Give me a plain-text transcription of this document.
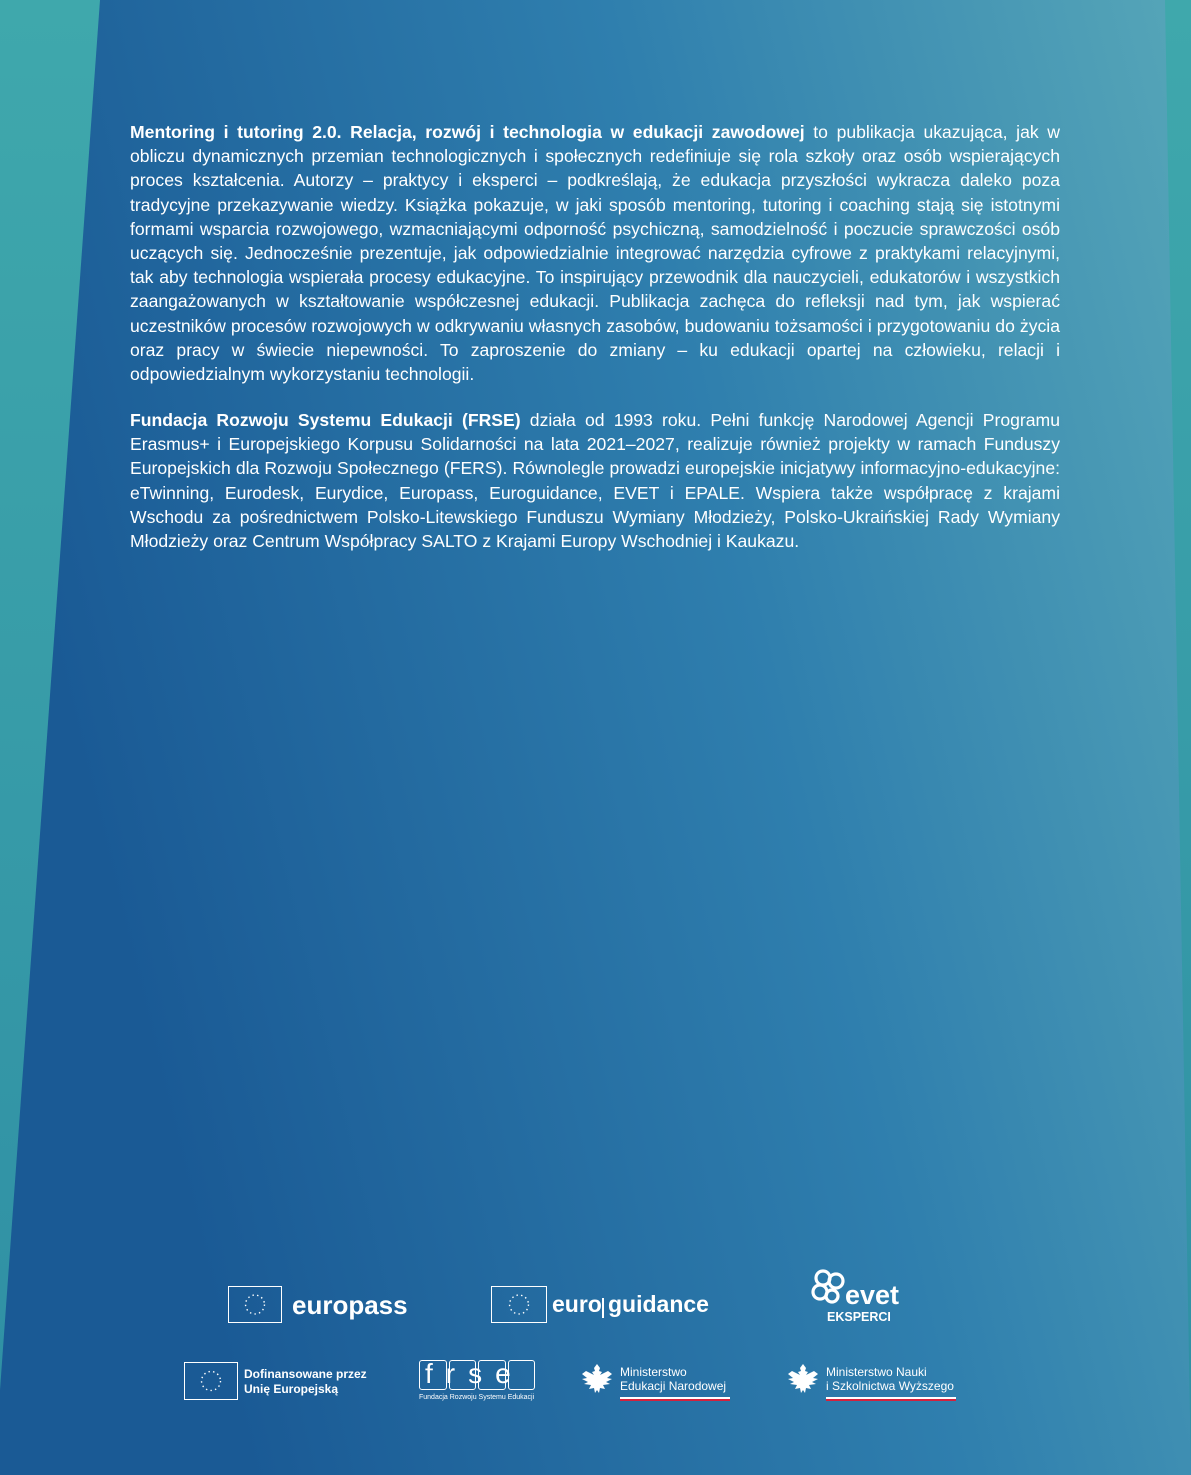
Mentoring i tutoring 2.0. Relacja, rozwój i technologia w edukacji zawodowej to publikacja ukazująca, jak w obliczu dynamicznych przemian technologicznych i społecznych redefiniuje się rola szkoły oraz osób wspierających proces kształcenia. Autorzy – praktycy i eksperci – podkreślają, że edukacja przyszłości wykracza daleko poza tradycyjne przekazywanie wiedzy. Książka pokazuje, w jaki sposób mentoring, tutoring i coaching stają się istotnymi formami wsparcia rozwojowego, wzmacniającymi odporność psychiczną, samodzielność i poczucie sprawczości osób uczących się. Jednocześnie prezentuje, jak odpowiedzialnie integrować narzędzia cyfrowe z praktykami relacyjnymi, tak aby technologia wspierała procesy edukacyjne. To inspirujący przewodnik dla nauczycieli, edukatorów i wszystkich zaangażowanych w kształtowanie współczesnej edukacji. Publikacja zachęca do refleksji nad tym, jak wspierać uczestników procesów rozwojowych w odkrywaniu własnych zasobów, budowaniu tożsamości i przygotowaniu do życia oraz pracy w świecie niepewności. To zaproszenie do zmiany – ku edukacji opartej na człowieku, relacji i odpowiedzialnym wykorzystaniu technologii.
Fundacja Rozwoju Systemu Edukacji (FRSE) działa od 1993 roku. Pełni funkcję Narodowej Agencji Programu Erasmus+ i Europejskiego Korpusu Solidarności na lata 2021–2027, realizuje również projekty w ramach Funduszy Europejskich dla Rozwoju Społecznego (FERS). Równolegle prowadzi europejskie inicjatywy informacyjno-edukacyjne: eTwinning, Eurodesk, Eurydice, Europass, Euroguidance, EVET i EPALE. Wspiera także współpracę z krajami Wschodu za pośrednictwem Polsko-Litewskiego Funduszu Wymiany Młodzieży, Polsko-Ukraińskiej Rady Wymiany Młodzieży oraz Centrum Współpracy SALTO z Krajami Europy Wschodniej i Kaukazu.
europass	euro guidance	evet
EKSPERCI
Dofinansowane przez
Unię Europejską	frse
Fundacja Rozwoju Systemu Edukacji
Ministerstwo
Edukacji Narodowej
Ministerstwo Nauki
i Szkolnictwa Wyższego
